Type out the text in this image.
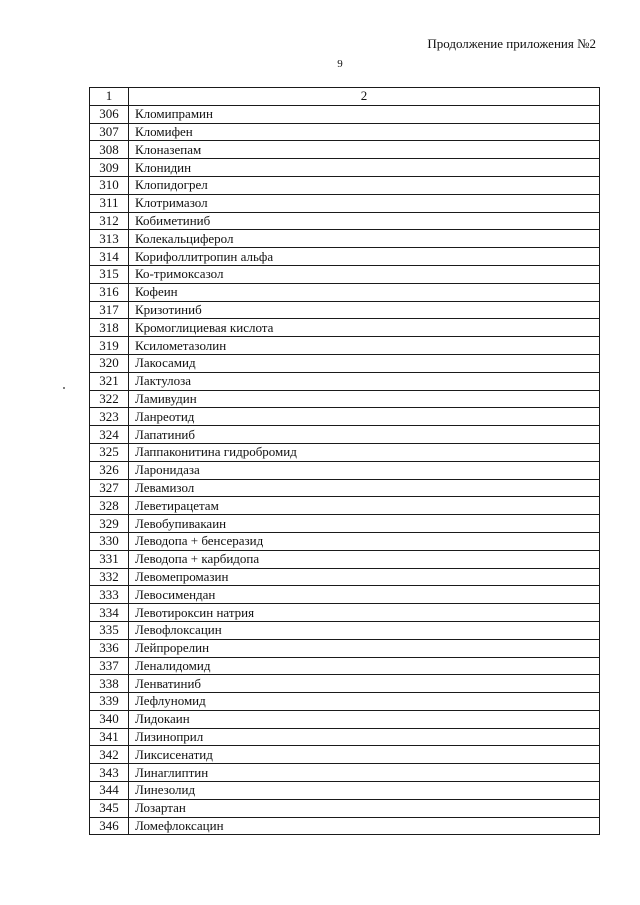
Продолжение приложения №2
9
1	2
306	Кломипрамин
307	Кломифен
308	Клоназепам
309	Клонидин
310	Клопидогрел
311	Клотримазол
312	Кобиметиниб
313	Колекальциферол
314	Корифоллитропин альфа
315	Ко-тримоксазол
316	Кофеин
317	Кризотиниб
318	Кромоглициевая кислота
319	Ксилометазолин
320	Лакосамид
321	Лактулоза
322	Ламивудин
323	Ланреотид
324	Лапатиниб
325	Лаппаконитина гидробромид
326	Ларонидаза
327	Левамизол
328	Леветирацетам
329	Левобупивакаин
330	Леводопа + бенсеразид
331	Леводопа + карбидопа
332	Левомепромазин
333	Левосимендан
334	Левотироксин натрия
335	Левофлоксацин
336	Лейпрорелин
337	Леналидомид
338	Ленватиниб
339	Лефлуномид
340	Лидокаин
341	Лизиноприл
342	Ликсисенатид
343	Линаглиптин
344	Линезолид
345	Лозартан
346	Ломефлоксацин
